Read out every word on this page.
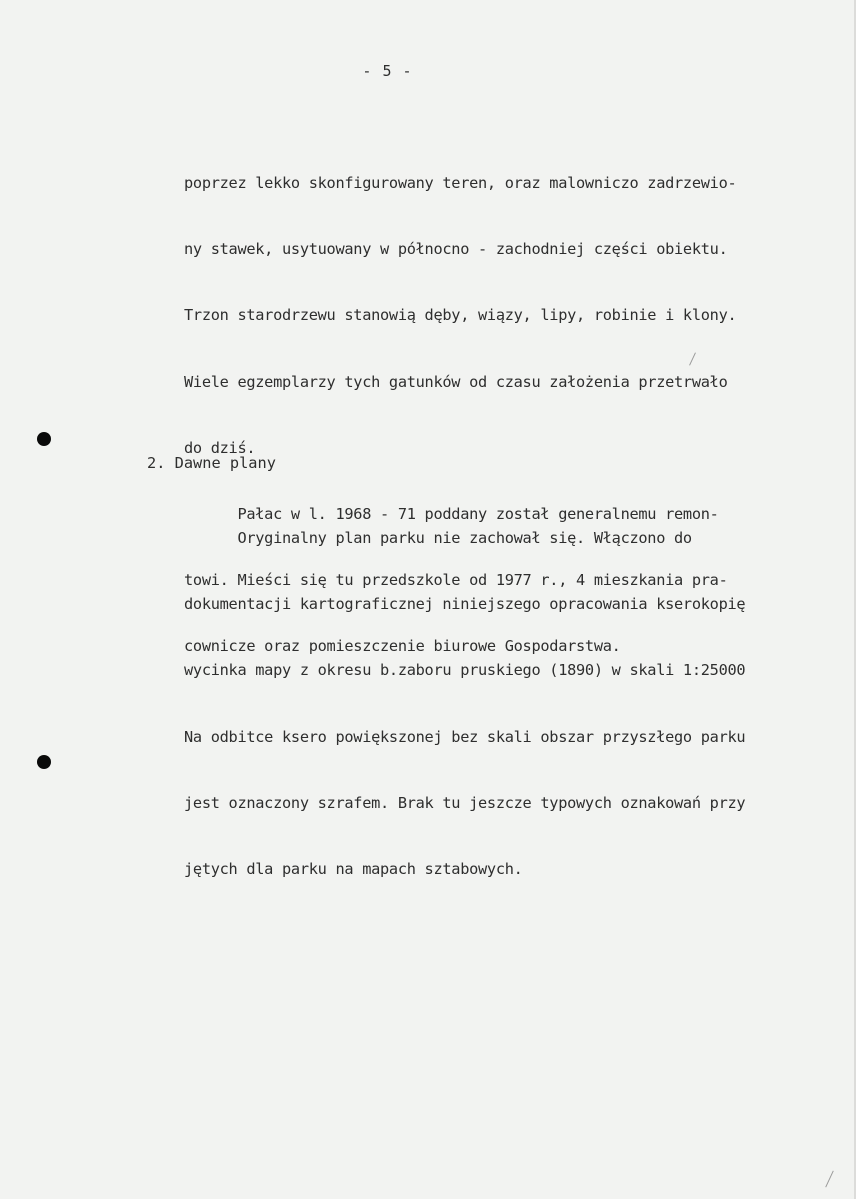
- 5 -

poprzez lekko skonfigurowany teren, oraz malowniczo zadrzewio-

ny stawek, usytuowany w północno - zachodniej części obiektu.

Trzon starodrzewu stanowią dęby, wiązy, lipy, robinie i klony.

Wiele egzemplarzy tych gatunków od czasu założenia przetrwało

do dziś.

Pałac w l. 1968 - 71 poddany został generalnemu remon-

towi. Mieści się tu przedszkole od 1977 r., 4 mieszkania pra-

cownicze oraz pomieszczenie biurowe Gospodarstwa.

2. Dawne plany

Oryginalny plan parku nie zachował się. Włączono do

dokumentacji kartograficznej niniejszego opracowania kserokopię

wycinka mapy z okresu b.zaboru pruskiego (1890) w skali 1:25000

Na odbitce ksero powiększonej bez skali obszar przyszłego parku

jest oznaczony szrafem. Brak tu jeszcze typowych oznakowań przy

jętych dla parku na mapach sztabowych.
